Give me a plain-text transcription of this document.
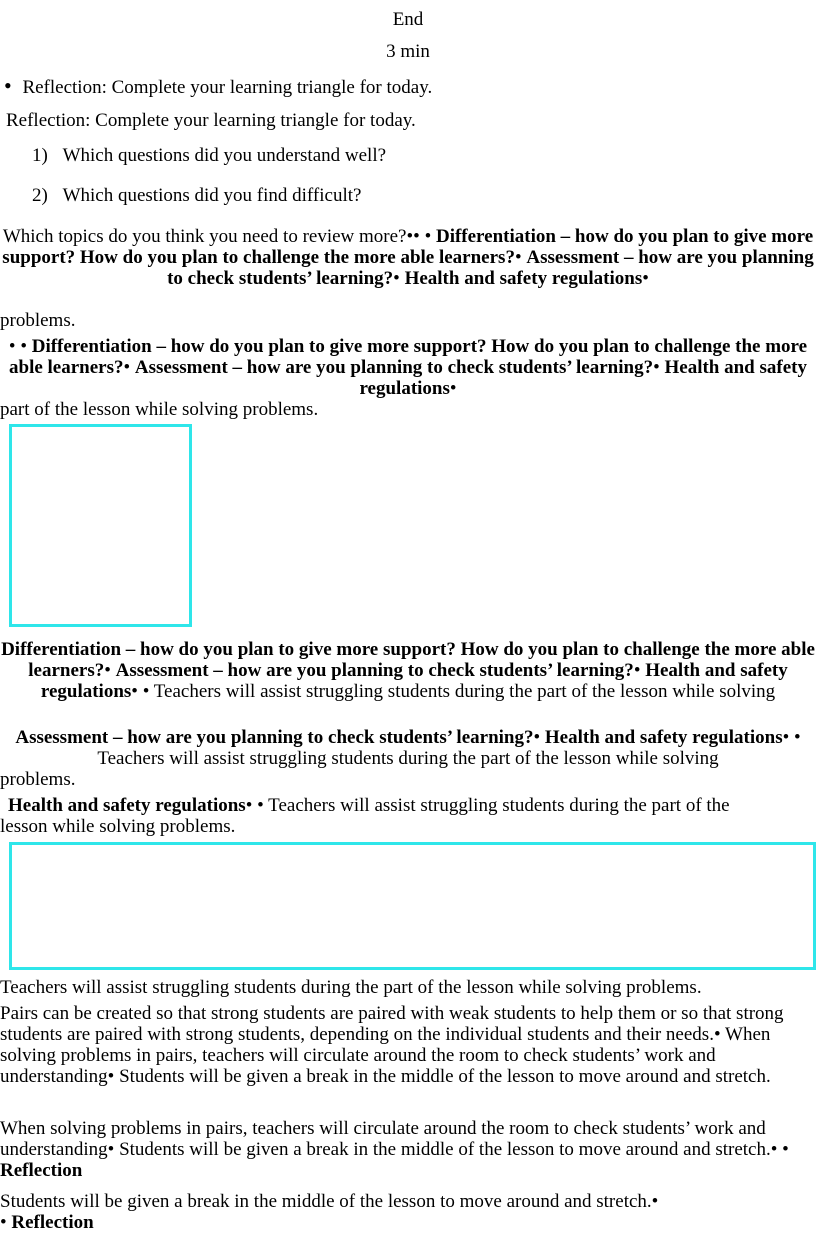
End
3 min
• Reflection: Complete your learning triangle for today.
Reflection: Complete your learning triangle for today.
1) Which questions did you understand well?
2) Which questions did you find difficult?
Which topics do you think you need to review more?•• • Differentiation – how do you plan to give more support? How do you plan to challenge the more able learners?• Assessment – how are you planning to check students’ learning?• Health and safety regulations•
problems.
• • Differentiation – how do you plan to give more support? How do you plan to challenge the more able learners?• Assessment – how are you planning to check students’ learning?• Health and safety regulations•
part of the lesson while solving problems.
Differentiation – how do you plan to give more support? How do you plan to challenge the more able learners?• Assessment – how are you planning to check students’ learning?• Health and safety regulations• • Teachers will assist struggling students during the part of the lesson while solving
Assessment – how are you planning to check students’ learning?• Health and safety regulations• • Teachers will assist struggling students during the part of the lesson while solving
problems.
Health and safety regulations• • Teachers will assist struggling students during the part of the
lesson while solving problems.
Teachers will assist struggling students during the part of the lesson while solving problems.
Pairs can be created so that strong students are paired with weak students to help them or so that strong students are paired with strong students, depending on the individual students and their needs.• When solving problems in pairs, teachers will circulate around the room to check students’ work and understanding• Students will be given a break in the middle of the lesson to move around and stretch.
When solving problems in pairs, teachers will circulate around the room to check students’ work and understanding• Students will be given a break in the middle of the lesson to move around and stretch.• • Reflection
Students will be given a break in the middle of the lesson to move around and stretch.• • Reflection
